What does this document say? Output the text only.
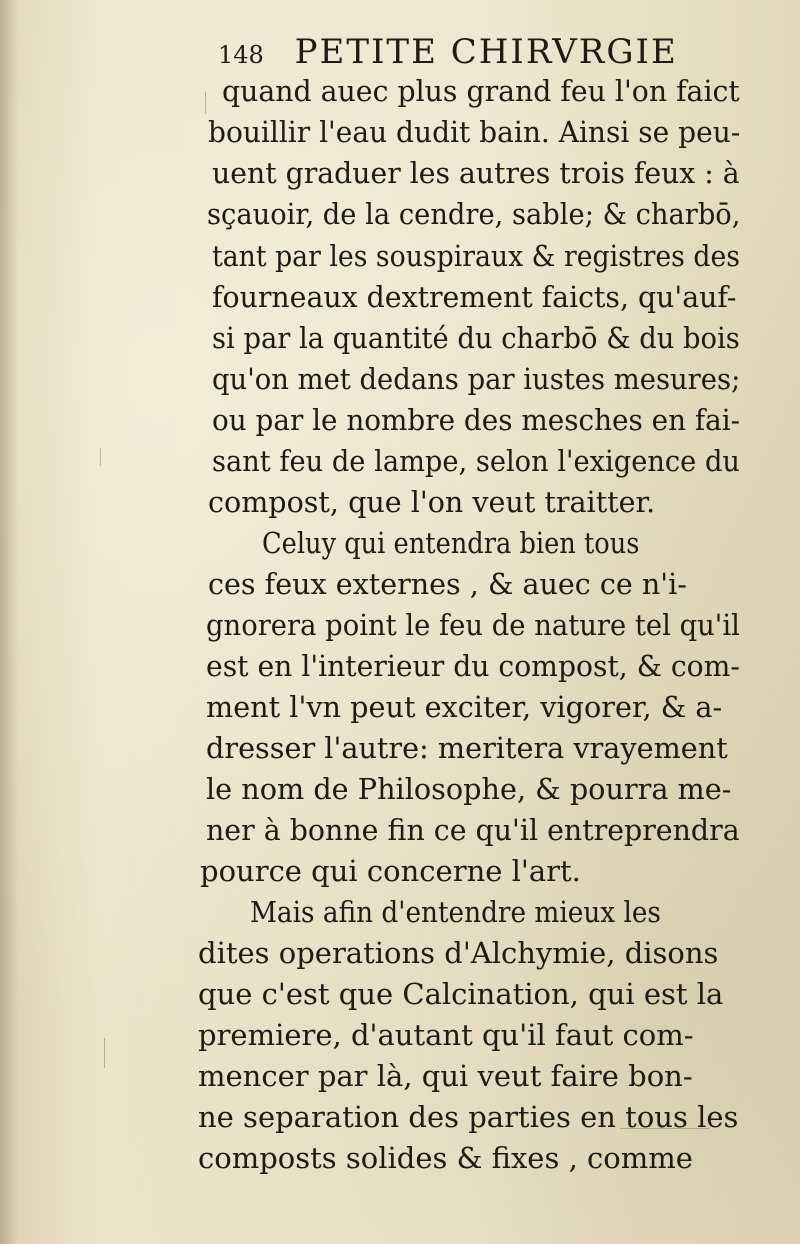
148 PETITE CHIRVRGIE
quand auec plus grand feu l'on faict
bouillir l'eau dudit bain. Ainsi se peu-
uent graduer les autres trois feux : à
sçauoir, de la cendre, sable; & charbō,
tant par les souspiraux & registres des
fourneaux dextrement faicts, qu'auf-
si par la quantité du charbō & du bois
qu'on met dedans par iustes mesures;
ou par le nombre des mesches en fai-
sant feu de lampe, selon l'exigence du
compost, que l'on veut traitter.
Celuy qui entendra bien tous
ces feux externes , & auec ce n'i-
gnorera point le feu de nature tel qu'il
est en l'interieur du compost, & com-
ment l'vn peut exciter, vigorer, & a-
dresser l'autre: meritera vrayement
le nom de Philosophe, & pourra me-
ner à bonne fin ce qu'il entreprendra
pource qui concerne l'art.
Mais afin d'entendre mieux les
dites operations d'Alchymie, disons
que c'est que Calcination, qui est la
premiere, d'autant qu'il faut com-
mencer par là, qui veut faire bon-
ne separation des parties en tous les
composts solides & fixes , comme
